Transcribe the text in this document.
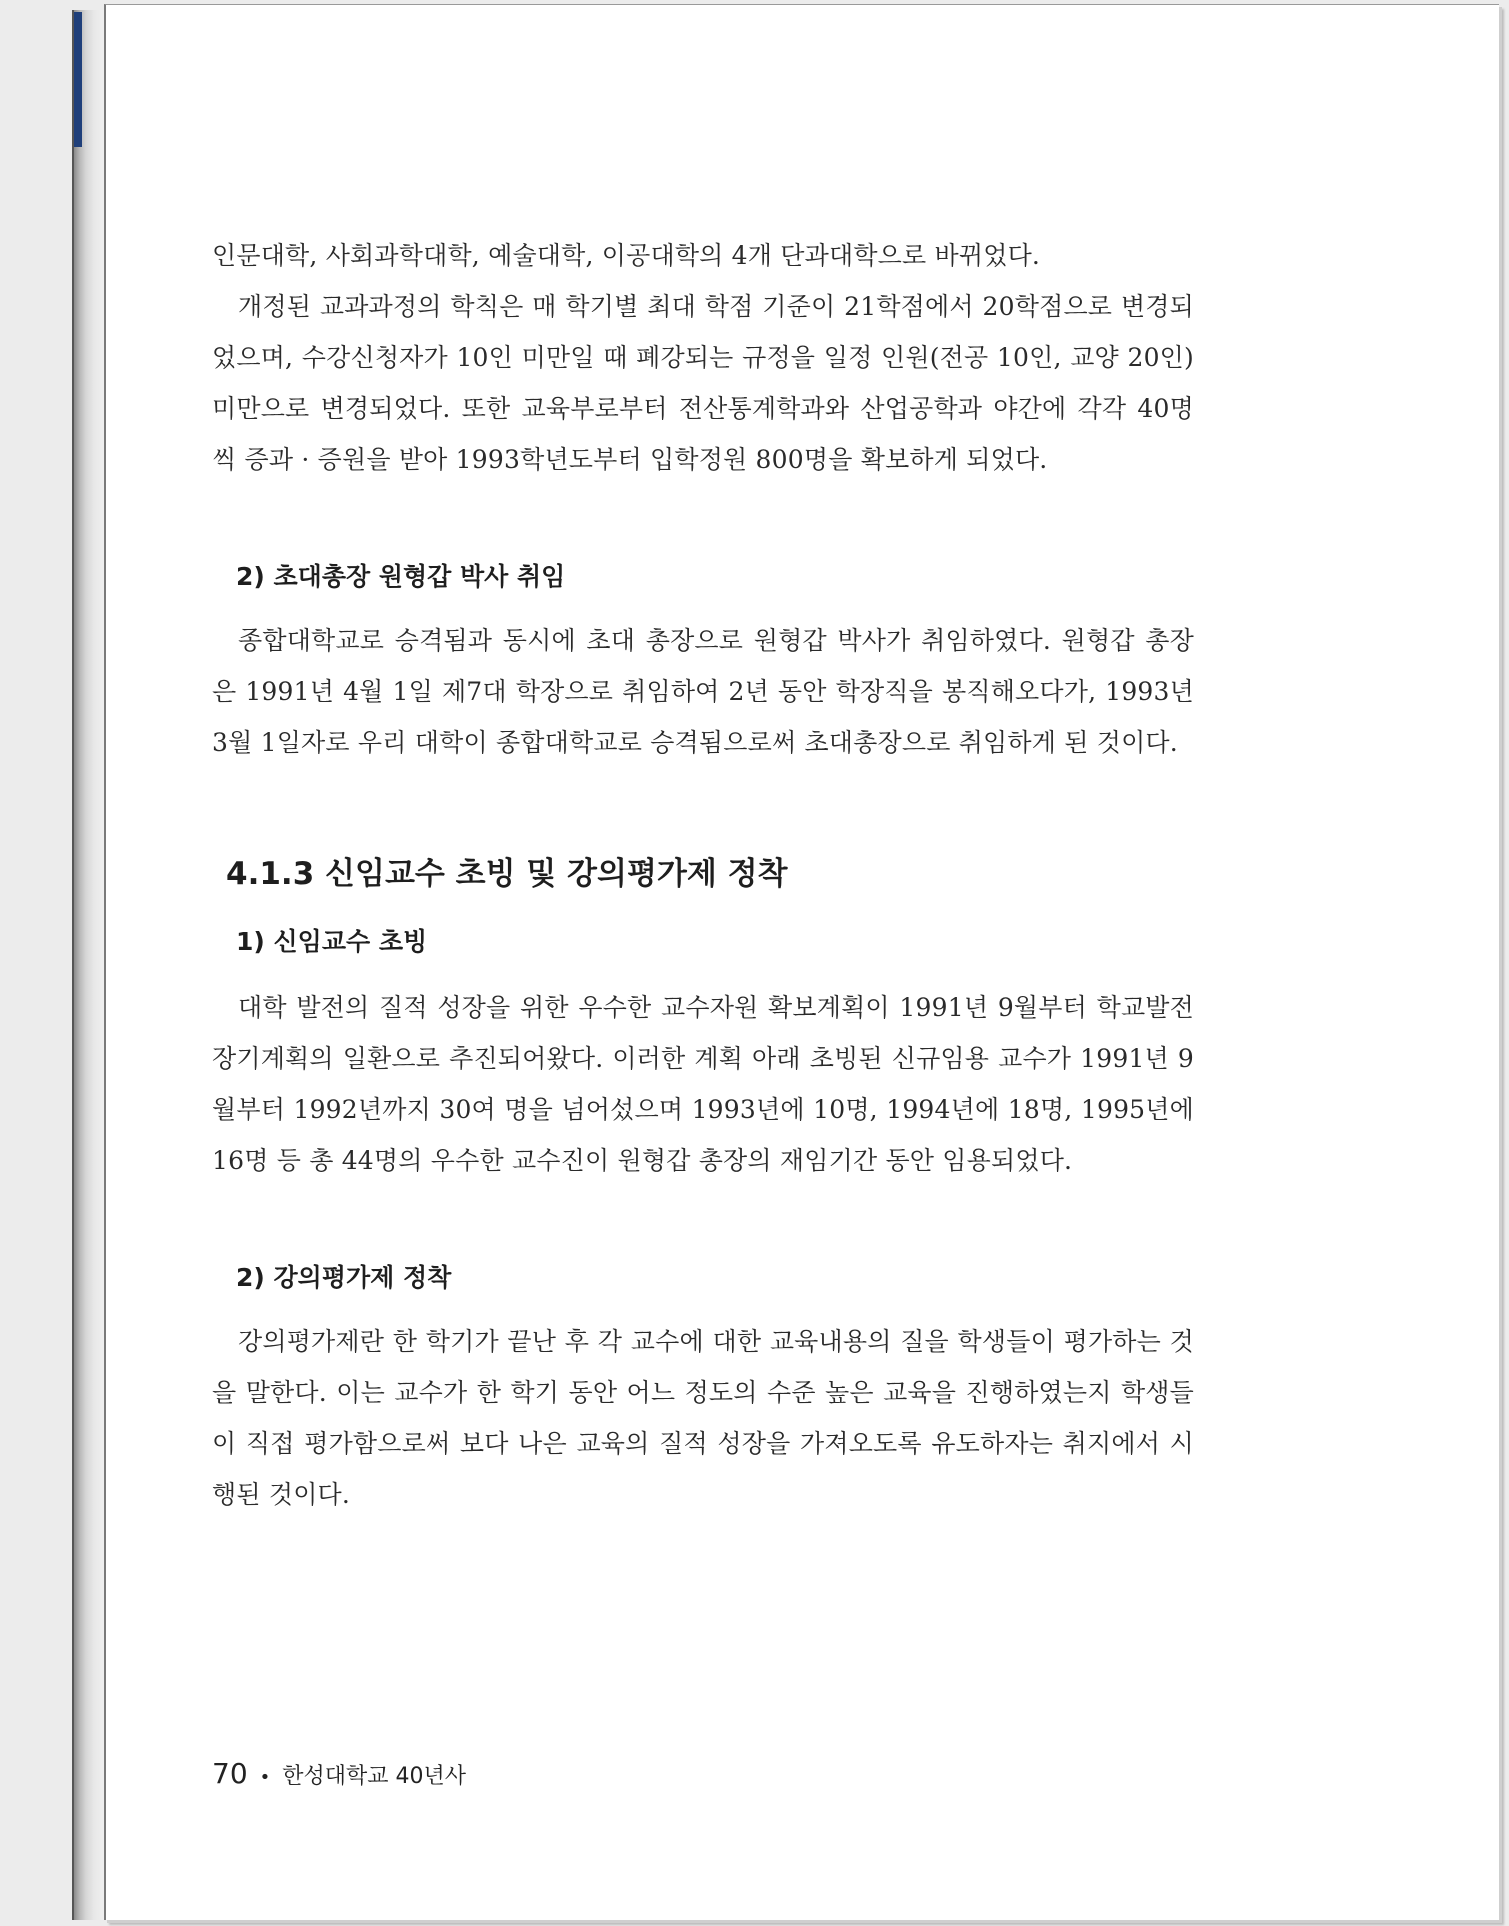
인문대학, 사회과학대학, 예술대학, 이공대학의 4개 단과대학으로 바뀌었다.

개정된 교과과정의 학칙은 매 학기별 최대 학점 기준이 21학점에서 20학점으로 변경되었으며, 수강신청자가 10인 미만일 때 폐강되는 규정을 일정 인원(전공 10인, 교양 20인) 미만으로 변경되었다. 또한 교육부로부터 전산통계학과와 산업공학과 야간에 각각 40명씩 증과 · 증원을 받아 1993학년도부터 입학정원 800명을 확보하게 되었다.

2) 초대총장 원형갑 박사 취임

종합대학교로 승격됨과 동시에 초대 총장으로 원형갑 박사가 취임하였다. 원형갑 총장은 1991년 4월 1일 제7대 학장으로 취임하여 2년 동안 학장직을 봉직해오다가, 1993년 3월 1일자로 우리 대학이 종합대학교로 승격됨으로써 초대총장으로 취임하게 된 것이다.

4.1.3 신임교수 초빙 및 강의평가제 정착
1) 신임교수 초빙

대학 발전의 질적 성장을 위한 우수한 교수자원 확보계획이 1991년 9월부터 학교발전장기계획의 일환으로 추진되어왔다. 이러한 계획 아래 초빙된 신규임용 교수가 1991년 9월부터 1992년까지 30여 명을 넘어섰으며 1993년에 10명, 1994년에 18명, 1995년에 16명 등 총 44명의 우수한 교수진이 원형갑 총장의 재임기간 동안 임용되었다.

2) 강의평가제 정착

강의평가제란 한 학기가 끝난 후 각 교수에 대한 교육내용의 질을 학생들이 평가하는 것을 말한다. 이는 교수가 한 학기 동안 어느 정도의 수준 높은 교육을 진행하였는지 학생들이 직접 평가함으로써 보다 나은 교육의 질적 성장을 가져오도록 유도하자는 취지에서 시행된 것이다.

70 • 한성대학교 40년사
